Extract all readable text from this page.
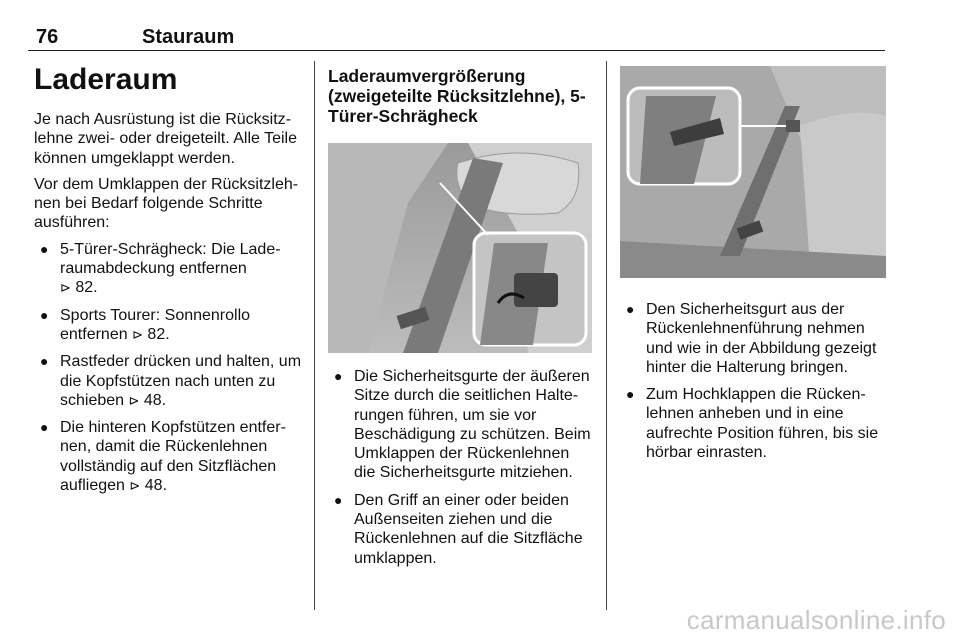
76	Stauraum
Laderaum

Je nach Ausrüstung ist die Rücksitzlehne zwei- oder dreigeteilt. Alle Teile können umgeklappt werden.

Vor dem Umklappen der Rücksitzlehnen bei Bedarf folgende Schritte ausführen:

● 5-Türer-Schrägheck: Die Laderaumabdeckung entfernen
⊳ 82.
● Sports Tourer: Sonnenrollo entfernen ⊳ 82.
● Rastfeder drücken und halten, um die Kopfstützen nach unten zu schieben ⊳ 48.
● Die hinteren Kopfstützen entfernen, damit die Rückenlehnen vollständig auf den Sitzflächen aufliegen ⊳ 48.
Laderaumvergrößerung (zweigeteilte Rücksitzlehne), 5-Türer-Schrägheck
● Die Sicherheitsgurte der äußeren Sitze durch die seitlichen Halterungen führen, um sie vor Beschädigung zu schützen. Beim Umklappen der Rückenlehnen die Sicherheitsgurte mitziehen.
● Den Griff an einer oder beiden Außenseiten ziehen und die Rückenlehnen auf die Sitzfläche umklappen.
● Den Sicherheitsgurt aus der Rückenlehnenführung nehmen und wie in der Abbildung gezeigt hinter die Halterung bringen.
● Zum Hochklappen die Rückenlehnen anheben und in eine aufrechte Position führen, bis sie hörbar einrasten.
carmanualsonline.info
